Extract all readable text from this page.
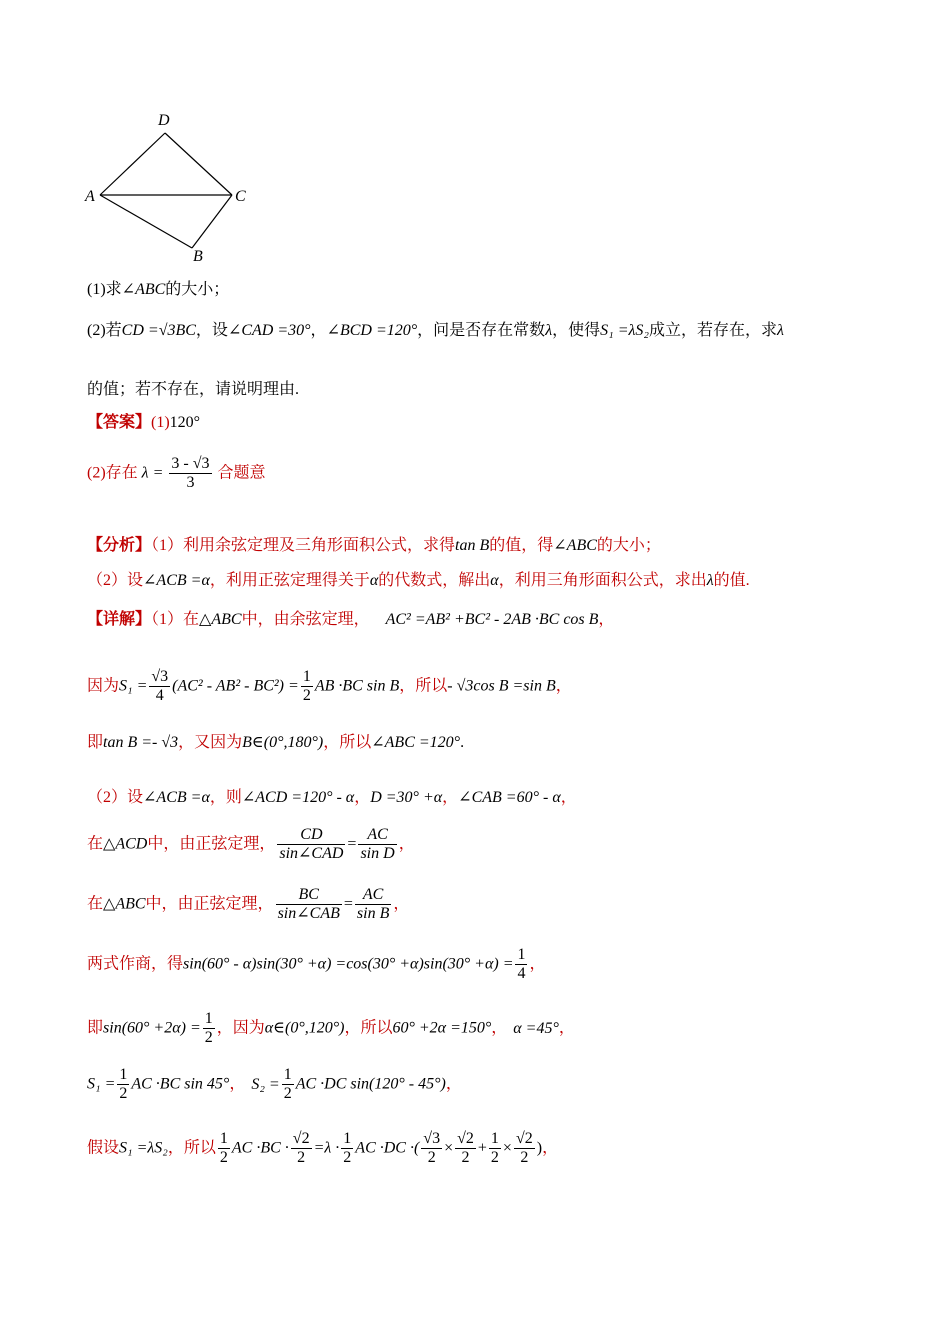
D
A	C
B
(1)求∠ABC的大小；
(2)若CD =√3BC，设∠CAD =30°，∠BCD =120°，问是否存在常数λ，使得S₁ =λS₂成立，若存在，求λ
的值；若不存在，请说明理由.
【答案】(1)120°
(2)存在 $\lambda = \frac{3 - √3}{3}$ 合题意
【分析】（1）利用余弦定理及三角形面积公式，求得tan B的值，得∠ABC的大小；
（2）设∠ACB =α，利用正弦定理得关于α的代数式，解出α，利用三角形面积公式，求出λ的值.
【详解】（1）在△ABC中，由余弦定理， AC² =AB² +BC² - 2AB ·BC cos B，
因为$S_1 = \frac{√3}{4} (AC^2 - AB^2 - BC^2) = \frac{1}{2}$ AB ·BC sin B，所以- √3cos B =sin B，
即tan B =- √3，又因为B∈(0°,180°)，所以∠ABC =120°.
（2）设∠ACB =α，则∠ACD =120° - α，D =30° +α，∠CAB =60° - α，
在△ACD中，由正弦定理， $\frac{CD}{\text{sin∠CAD}} = \frac{AC}{\text{sin D}}$ ，
在△ABC中，由正弦定理， $\frac{BC}{\text{sin∠CAB}} = \frac{AC}{\text{sin B}}$ ，
两式作商，得$\sin(60^\circ - \alpha)\sin(30^\circ +\alpha) =\cos(30^\circ +\alpha)\sin(30^\circ +\alpha) = \frac{1}{4}$ ，
即$\sin(60^\circ +2\alpha) = \frac{1}{2}$ ，因为α∈(0°,120°)，所以60° +2α =150°， α =45°，
$S_1 = \frac{1}{2}$ AC ·BC sin 45°， $S_2 = \frac{1}{2}$ AC ·DC sin(120° - 45°)，
假设S₁ =λS₂，所以 $\frac{1}{2}$ AC $\cdot BC \cdot \frac{√2}{2} =\lambda \cdot \frac{1}{2}$ AC ·DC ·( $\frac{√3}{2} \times \frac{√2}{2} + \frac{1}{2} \times \frac{√2}{2}$ )，
